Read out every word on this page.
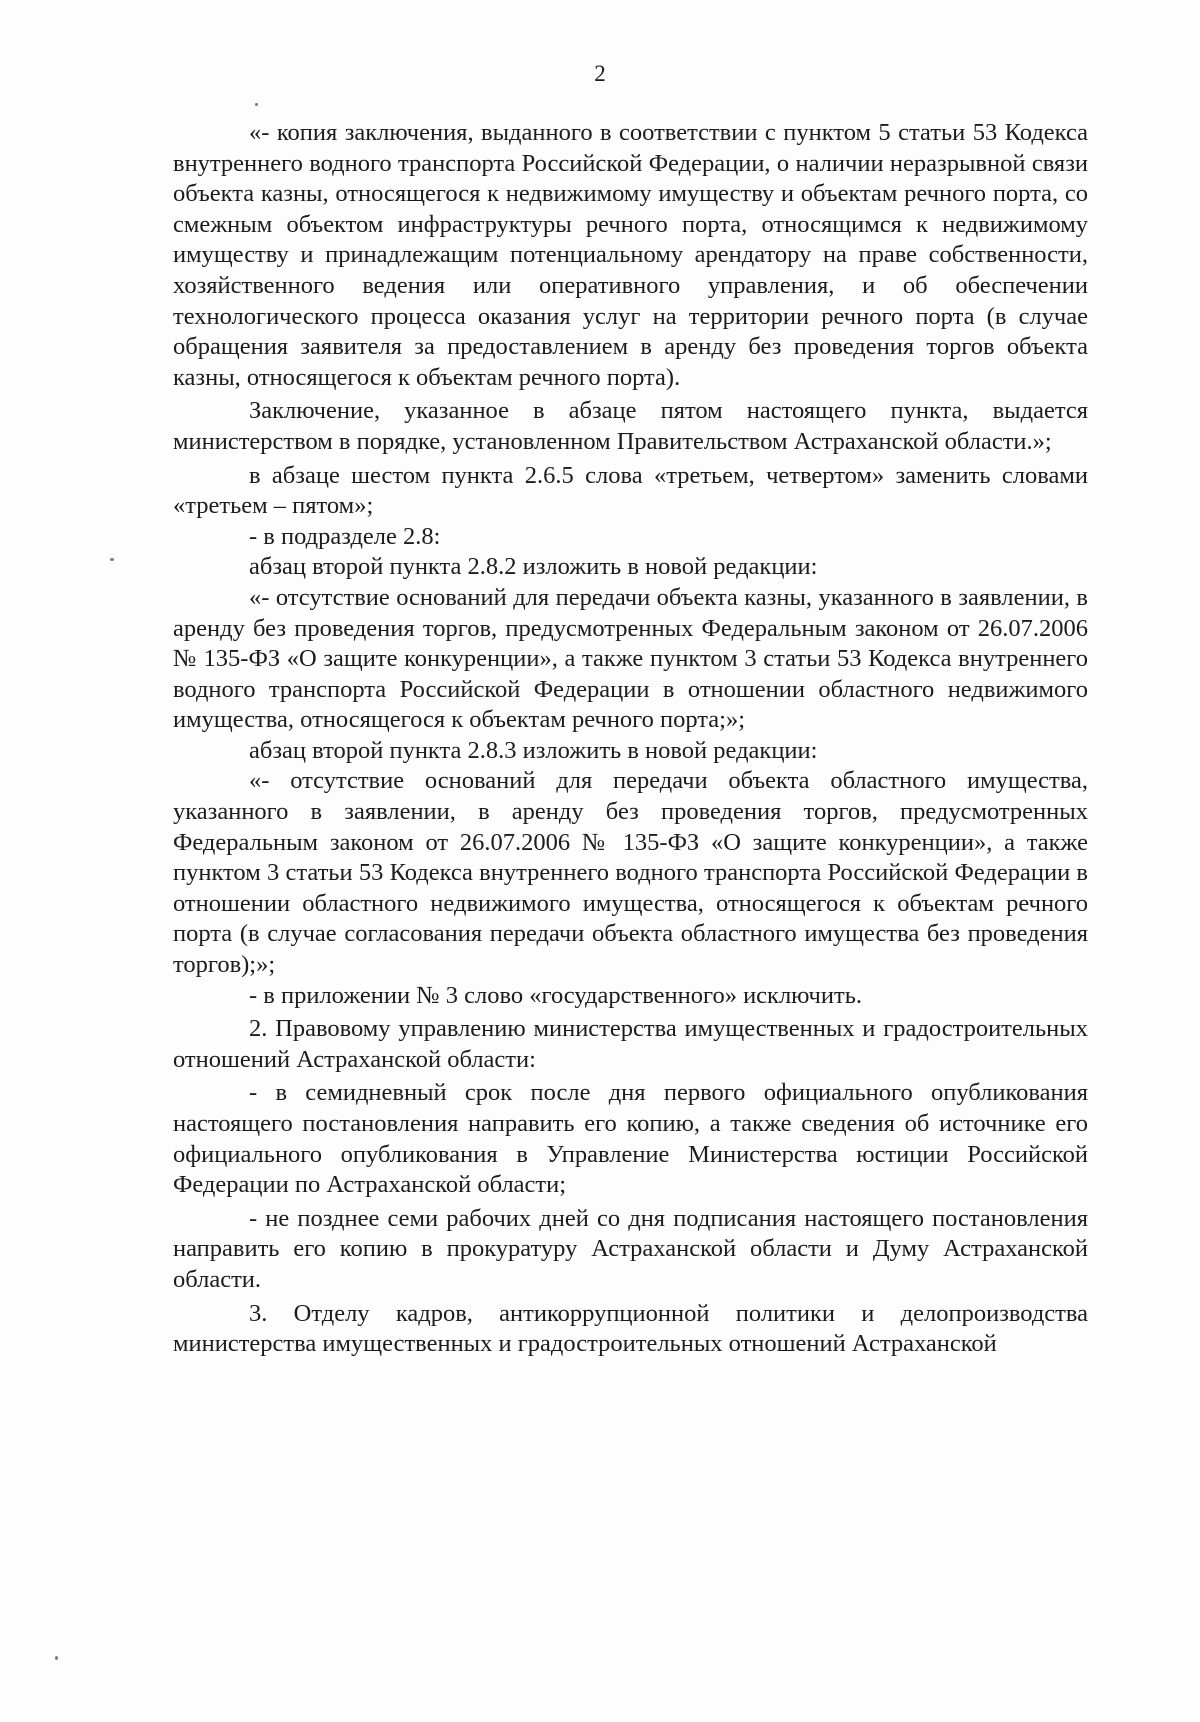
2

«- копия заключения, выданного в соответствии с пунктом 5 статьи 53 Кодекса внутреннего водного транспорта Российской Федерации, о наличии неразрывной связи объекта казны, относящегося к недвижимому имуществу и объектам речного порта, со смежным объектом инфраструктуры речного порта, относящимся к недвижимому имуществу и принадлежащим потенциальному арендатору на праве собственности, хозяйственного ведения или оперативного управления, и об обеспечении технологического процесса оказания услуг на территории речного порта (в случае обращения заявителя за предоставлением в аренду без проведения торгов объекта казны, относящегося к объектам речного порта).

Заключение, указанное в абзаце пятом настоящего пункта, выдается министерством в порядке, установленном Правительством Астраханской области.»;

в абзаце шестом пункта 2.6.5 слова «третьем, четвертом» заменить словами «третьем – пятом»;

- в подразделе 2.8:

абзац второй пункта 2.8.2 изложить в новой редакции:

«- отсутствие оснований для передачи объекта казны, указанного в заявлении, в аренду без проведения торгов, предусмотренных Федеральным законом от 26.07.2006 № 135-ФЗ «О защите конкуренции», а также пунктом 3 статьи 53 Кодекса внутреннего водного транспорта Российской Федерации в отношении областного недвижимого имущества, относящегося к объектам речного порта;»;

абзац второй пункта 2.8.3 изложить в новой редакции:

«- отсутствие оснований для передачи объекта областного имущества, указанного в заявлении, в аренду без проведения торгов, предусмотренных Федеральным законом от 26.07.2006 № 135-ФЗ «О защите конкуренции», а также пунктом 3 статьи 53 Кодекса внутреннего водного транспорта Российской Федерации в отношении областного недвижимого имущества, относящегося к объектам речного порта (в случае согласования передачи объекта областного имущества без проведения торгов);»;

- в приложении № 3 слово «государственного» исключить.

2. Правовому управлению министерства имущественных и градостроительных отношений Астраханской области:

- в семидневный срок после дня первого официального опубликования настоящего постановления направить его копию, а также сведения об источнике его официального опубликования в Управление Министерства юстиции Российской Федерации по Астраханской области;

- не позднее семи рабочих дней со дня подписания настоящего постановления направить его копию в прокуратуру Астраханской области и Думу Астраханской области.

3. Отделу кадров, антикоррупционной политики и делопроизводства министерства имущественных и градостроительных отношений Астраханской
